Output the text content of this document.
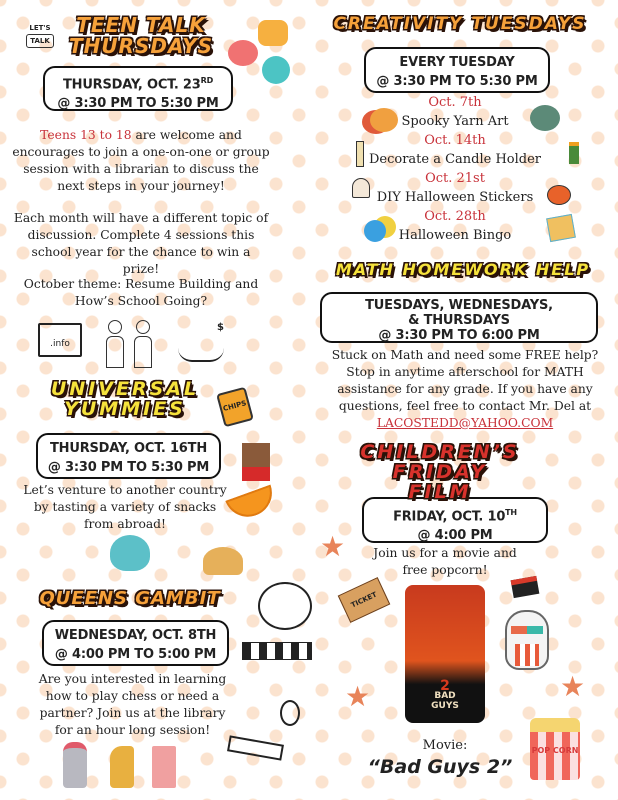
LET'S
TALK
TEEN TALK
THURSDAYS
THURSDAY, OCT. 23RD
@ 3:30 PM TO 5:30 PM
Teens 13 to 18 are welcome and encourages to join a one-on-one or group session with a librarian to discuss the next steps in your journey!
Each month will have a different topic of discussion. Complete 4 sessions this school year for the chance to win a prize!
October theme: Resume Building and How’s School Going?
.info
$
UNIVERSAL
YUMMIES	CHIPS
THURSDAY, OCT. 16TH
@ 3:30 PM TO 5:30 PM
Let’s venture to another country by tasting a variety of snacks from abroad!
QUEENS GAMBIT
WEDNESDAY, OCT. 8TH
@ 4:00 PM TO 5:00 PM
Are you interested in learning how to play chess or need a partner? Join us at the library for an hour long session!
CREATIVITY TUESDAYS
EVERY TUESDAY
@ 3:30 PM TO 5:30 PM
Oct. 7th
Spooky Yarn Art
Oct. 14th
Decorate a Candle Holder
Oct. 21st
DIY Halloween Stickers
Oct. 28th
Halloween Bingo
MATH HOMEWORK HELP
TUESDAYS, WEDNESDAYS,
& THURSDAYS
@ 3:30 PM TO 6:00 PM
Stuck on Math and need some FREE help? Stop in anytime afterschool for MATH assistance for any grade. If you have any questions, feel free to contact Mr. Del at
LACOSTEDD@YAHOO.COM
CHILDREN’S
FRIDAY FILM
FRIDAY, OCT. 10TH
@ 4:00 PM
Join us for a movie and free popcorn!
★
TICKET
2
BAD
GUYS
★	★
Movie:
“Bad Guys 2”
POP CORN
